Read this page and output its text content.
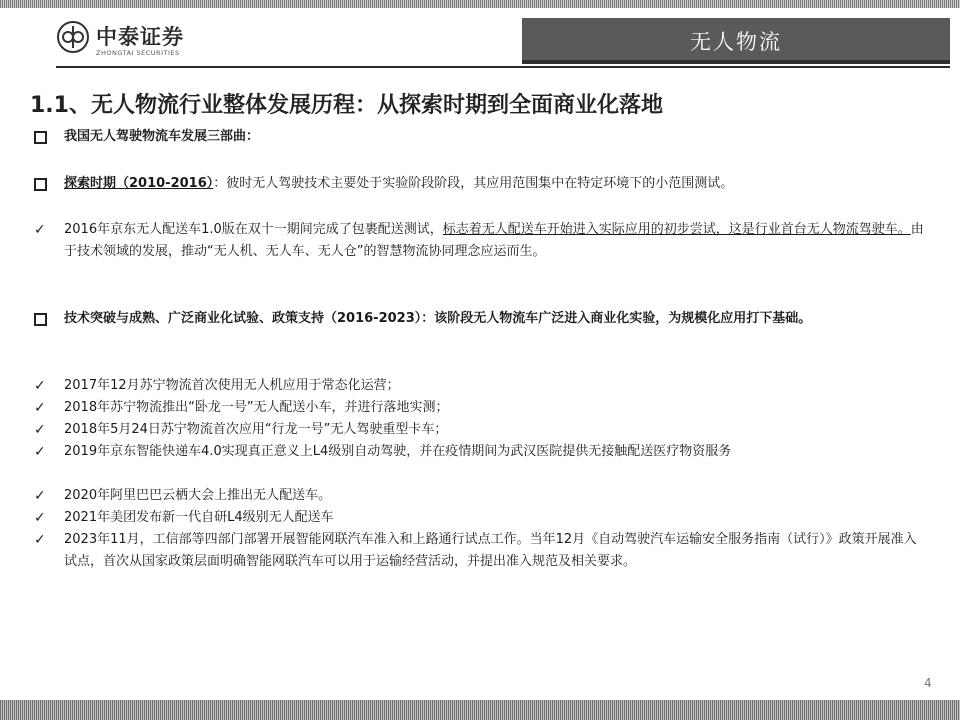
中泰证券
ZHONGTAI SECURITIES	无人物流
1.1、无人物流行业整体发展历程：从探索时期到全面商业化落地
我国无人驾驶物流车发展三部曲：
探索时期（2010-2016）：彼时无人驾驶技术主要处于实验阶段阶段，其应用范围集中在特定环境下的小范围测试。
✓	2016年京东无人配送车1.0版在双十一期间完成了包裹配送测试，标志着无人配送车开始进入实际应用的初步尝试，这是行业首台无人物流驾驶车。由于技术领域的发展，推动“无人机、无人车、无人仓”的智慧物流协同理念应运而生。
技术突破与成熟、广泛商业化试验、政策支持（2016-2023）：该阶段无人物流车广泛进入商业化实验，为规模化应用打下基础。
✓	2017年12月苏宁物流首次使用无人机应用于常态化运营；
✓	2018年苏宁物流推出“卧龙一号”无人配送小车，并进行落地实测；
✓	2018年5月24日苏宁物流首次应用“行龙一号”无人驾驶重型卡车；
✓	2019年京东智能快递车4.0实现真正意义上L4级别自动驾驶，并在疫情期间为武汉医院提供无接触配送医疗物资服务
✓	2020年阿里巴巴云栖大会上推出无人配送车。
✓	2021年美团发布新一代自研L4级别无人配送车
✓	2023年11月，工信部等四部门部署开展智能网联汽车准入和上路通行试点工作。当年12月《自动驾驶汽车运输安全服务指南（试行）》政策开展准入试点，首次从国家政策层面明确智能网联汽车可以用于运输经营活动，并提出准入规范及相关要求。
4
